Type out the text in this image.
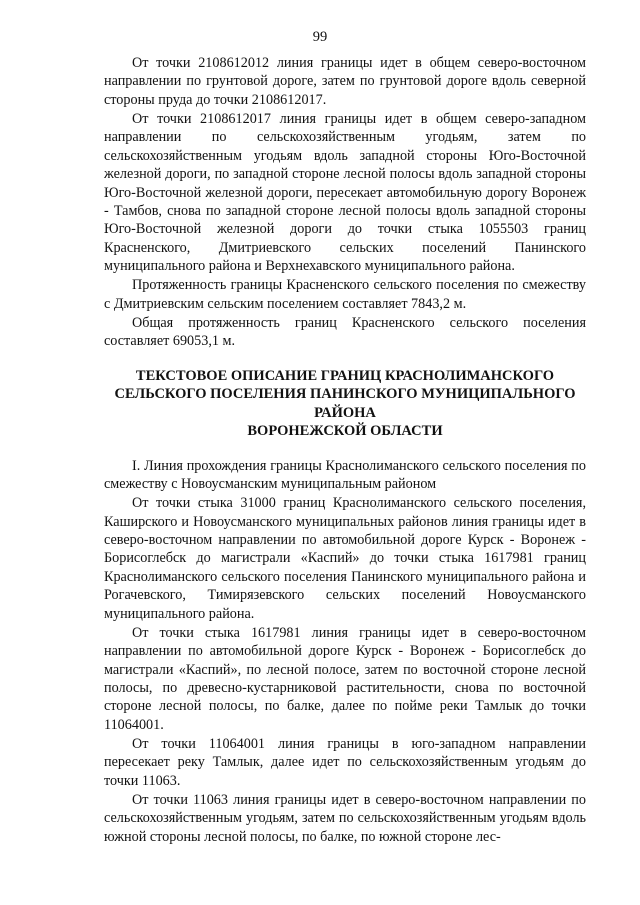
99

От точки 2108612012 линия границы идет в общем северо-восточном направлении по грунтовой дороге, затем по грунтовой дороге вдоль северной стороны пруда до точки 2108612017.

От точки 2108612017 линия границы идет в общем северо-западном направлении по сельскохозяйственным угодьям, затем по сельскохозяйственным угодьям вдоль западной стороны Юго-Восточной железной дороги, по западной стороне лесной полосы вдоль западной стороны Юго-Восточной железной дороги, пересекает автомобильную дорогу Воронеж - Тамбов, снова по западной стороне лесной полосы вдоль западной стороны Юго-Восточной железной дороги до точки стыка 1055503 границ Красненского, Дмитриевского сельских поселений Панинского муниципального района и Верхнехавского муниципального района.

Протяженность границы Красненского сельского поселения по смежеству с Дмитриевским сельским поселением составляет 7843,2 м.

Общая протяженность границ Красненского сельского поселения составляет 69053,1 м.

ТЕКСТОВОЕ ОПИСАНИЕ ГРАНИЦ КРАСНОЛИМАНСКОГО
СЕЛЬСКОГО ПОСЕЛЕНИЯ ПАНИНСКОГО МУНИЦИПАЛЬНОГО
РАЙОНА
ВОРОНЕЖСКОЙ ОБЛАСТИ

I. Линия прохождения границы Краснолиманского сельского поселения по смежеству с Новоусманским муниципальным районом

От точки стыка 31000 границ Краснолиманского сельского поселения, Каширского и Новоусманского муниципальных районов линия границы идет в северо-восточном направлении по автомобильной дороге Курск - Воронеж - Борисоглебск до магистрали «Каспий» до точки стыка 1617981 границ Краснолиманского сельского поселения Панинского муниципального района и Рогачевского, Тимирязевского сельских поселений Новоусманского муниципального района.

От точки стыка 1617981 линия границы идет в северо-восточном направлении по автомобильной дороге Курск - Воронеж - Борисоглебск до магистрали «Каспий», по лесной полосе, затем по восточной стороне лесной полосы, по древесно-кустарниковой растительности, снова по восточной стороне лесной полосы, по балке, далее по пойме реки Тамлык до точки 11064001.

От точки 11064001 линия границы в юго-западном направлении пересекает реку Тамлык, далее идет по сельскохозяйственным угодьям до точки 11063.

От точки 11063 линия границы идет в северо-восточном направлении по сельскохозяйственным угодьям, затем по сельскохозяйственным угодьям вдоль южной стороны лесной полосы, по балке, по южной стороне лес-
